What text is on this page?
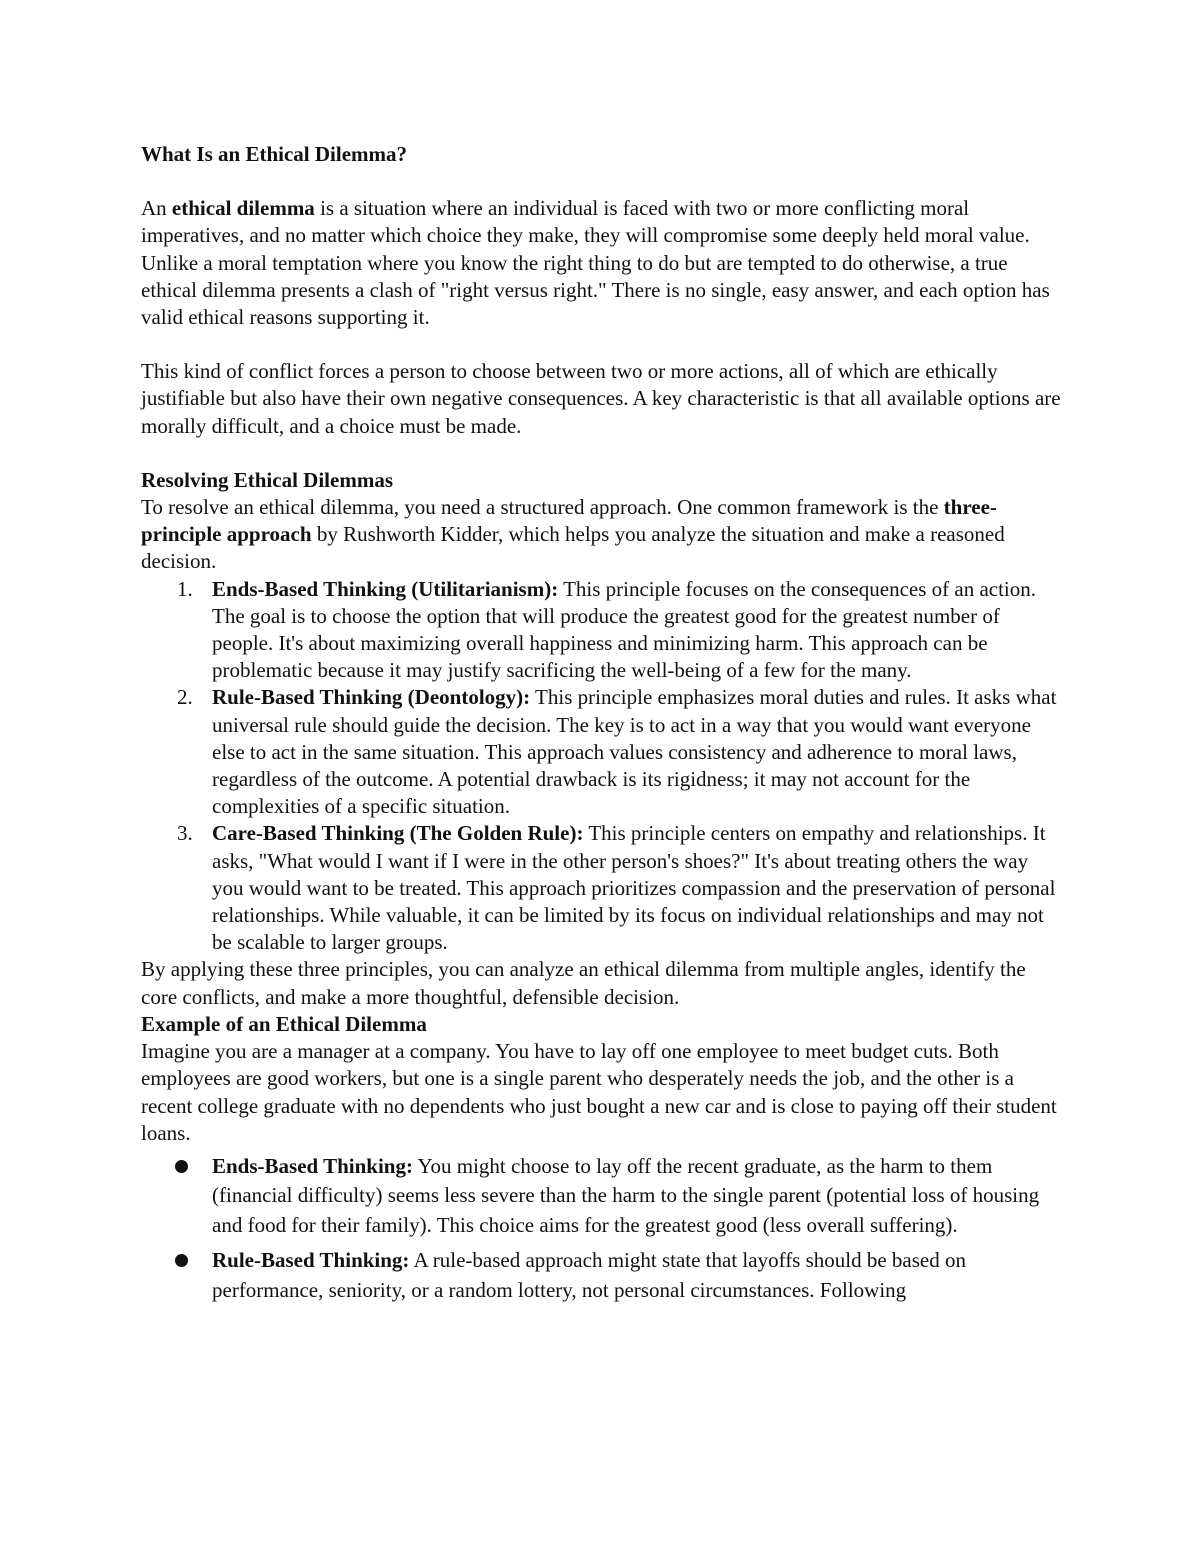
What Is an Ethical Dilemma?

An ethical dilemma is a situation where an individual is faced with two or more conflicting moral imperatives, and no matter which choice they make, they will compromise some deeply held moral value. Unlike a moral temptation where you know the right thing to do but are tempted to do otherwise, a true ethical dilemma presents a clash of "right versus right." There is no single, easy answer, and each option has valid ethical reasons supporting it.

This kind of conflict forces a person to choose between two or more actions, all of which are ethically justifiable but also have their own negative consequences. A key characteristic is that all available options are morally difficult, and a choice must be made.

Resolving Ethical Dilemmas

To resolve an ethical dilemma, you need a structured approach. One common framework is the three-principle approach by Rushworth Kidder, which helps you analyze the situation and make a reasoned decision.

1. Ends-Based Thinking (Utilitarianism): This principle focuses on the consequences of an action. The goal is to choose the option that will produce the greatest good for the greatest number of people. It's about maximizing overall happiness and minimizing harm. This approach can be problematic because it may justify sacrificing the well-being of a few for the many.
2. Rule-Based Thinking (Deontology): This principle emphasizes moral duties and rules. It asks what universal rule should guide the decision. The key is to act in a way that you would want everyone else to act in the same situation. This approach values consistency and adherence to moral laws, regardless of the outcome. A potential drawback is its rigidness; it may not account for the complexities of a specific situation.
3. Care-Based Thinking (The Golden Rule): This principle centers on empathy and relationships. It asks, "What would I want if I were in the other person's shoes?" It's about treating others the way you would want to be treated. This approach prioritizes compassion and the preservation of personal relationships. While valuable, it can be limited by its focus on individual relationships and may not be scalable to larger groups.

By applying these three principles, you can analyze an ethical dilemma from multiple angles, identify the core conflicts, and make a more thoughtful, defensible decision.

Example of an Ethical Dilemma

Imagine you are a manager at a company. You have to lay off one employee to meet budget cuts. Both employees are good workers, but one is a single parent who desperately needs the job, and the other is a recent college graduate with no dependents who just bought a new car and is close to paying off their student loans.

Ends-Based Thinking: You might choose to lay off the recent graduate, as the harm to them (financial difficulty) seems less severe than the harm to the single parent (potential loss of housing and food for their family). This choice aims for the greatest good (less overall suffering).
Rule-Based Thinking: A rule-based approach might state that layoffs should be based on performance, seniority, or a random lottery, not personal circumstances. Following
